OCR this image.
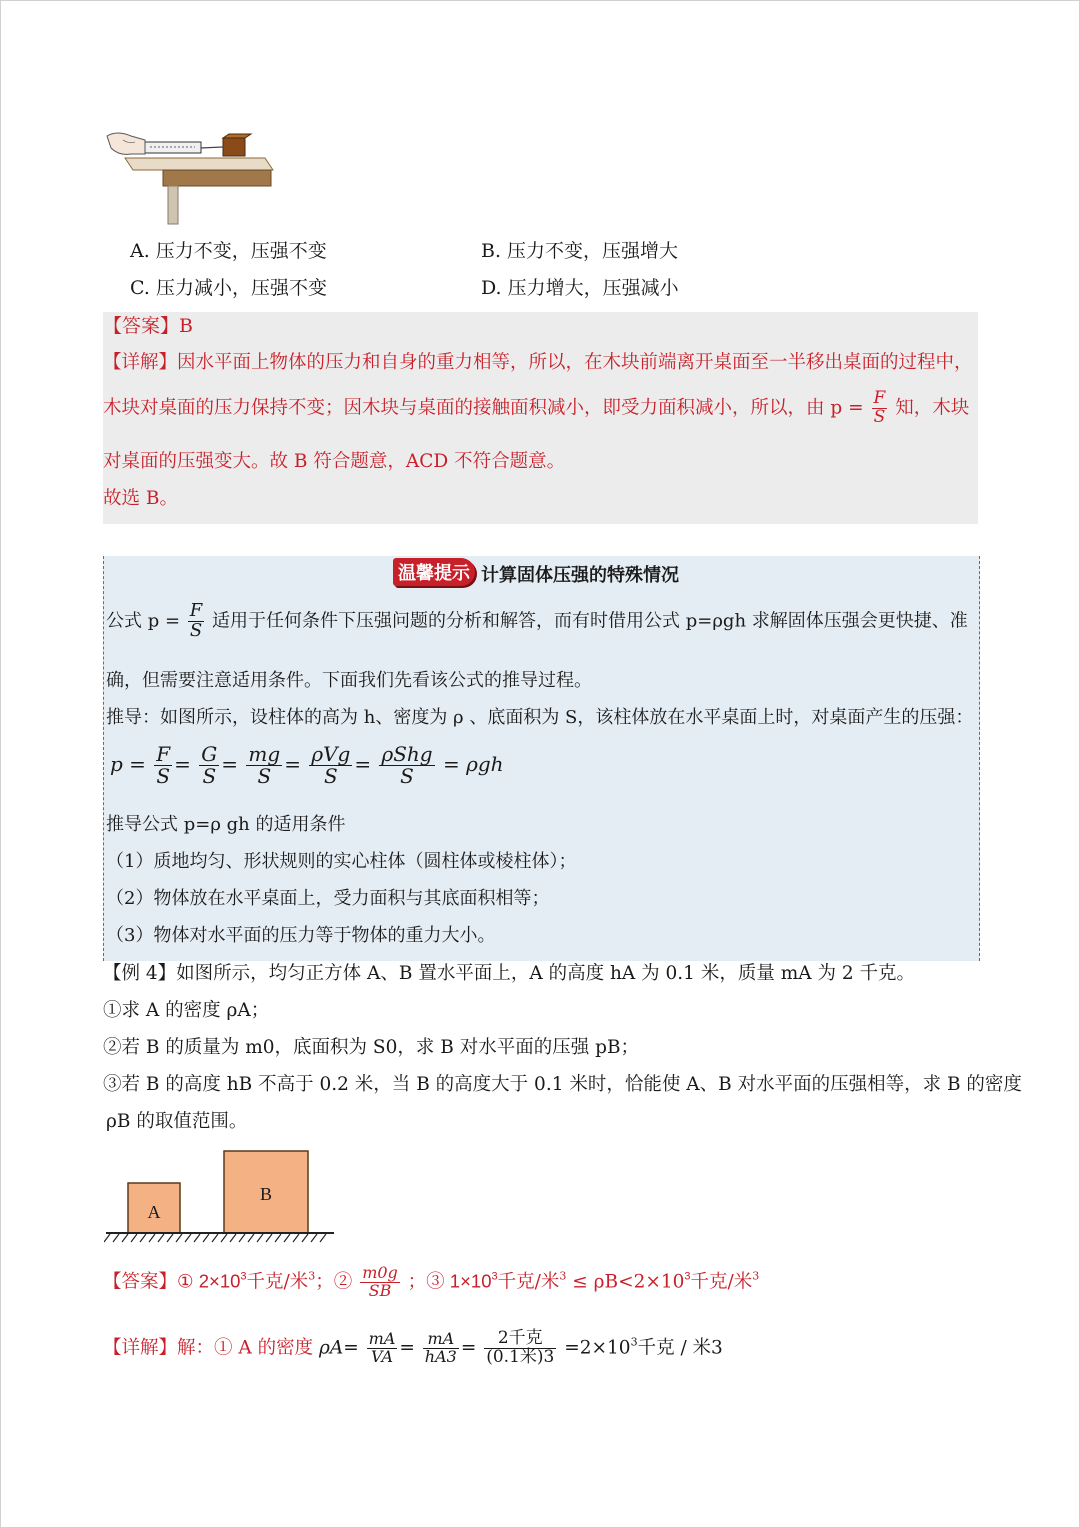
A. 压力不变，压强不变	B. 压力不变，压强增大
C. 压力减小，压强不变	D. 压力增大，压强减小
【答案】B
【详解】因水平面上物体的压力和自身的重力相等，所以，在木块前端离开桌面至一半移出桌面的过程中，
木块对桌面的压力保持不变；因木块与桌面的接触面积减小，即受力面积减小，所以，由 $p = \frac{F}{S}$ 知，木块
对桌面的压强变大。故 B 符合题意，ACD 不符合题意。
故选 B。
温馨提示 计算固体压强的特殊情况
公式 $p = \frac{F}{S}$ 适用于任何条件下压强问题的分析和解答，而有时借用公式 p=ρgh 求解固体压强会更快捷、准
确，但需要注意适用条件。下面我们先看该公式的推导过程。
推导：如图所示，设柱体的高为 h、密度为 ρ 、底面积为 S，该柱体放在水平桌面上时，对桌面产生的压强：
$p = \frac{F}{S} = \frac{G}{S} = \frac{mg}{S} = \frac{\text{ρVg}}{S} = \frac{\text{ρShg}}{S} = \rho gh$
推导公式 p=ρ gh 的适用条件
（1）质地均匀、形状规则的实心柱体（圆柱体或棱柱体）；
（2）物体放在水平桌面上，受力面积与其底面积相等；
（3）物体对水平面的压力等于物体的重力大小。
【例 4】如图所示，均匀正方体 A、B 置水平面上，A 的高度 hA 为 0.1 米，质量 mA 为 2 千克。
①求 A 的密度 ρA；
②若 B 的质量为 m0，底面积为 S0，求 B 对水平面的压强 pB；
③若 B 的高度 hB 不高于 0.2 米，当 B 的高度大于 0.1 米时，恰能使 A、B 对水平面的压强相等，求 B 的密度
ρB 的取值范围。
A
B
【答案】① $2\times 10^3$千克/米$^3$；② $\frac{m0g}{SB}$ ；③ $1\times 10^3$千克/米$^3 \le \rho B<2\times 10^3$千克/米$^3$
【详解】解：① A 的密度 $\rho A= \frac{mA}{VA} = \frac{mA}{hA3} = \frac{\text{2千克}}{\text{(0.1米)3}} =2\times 10^3$千克 / 米3
